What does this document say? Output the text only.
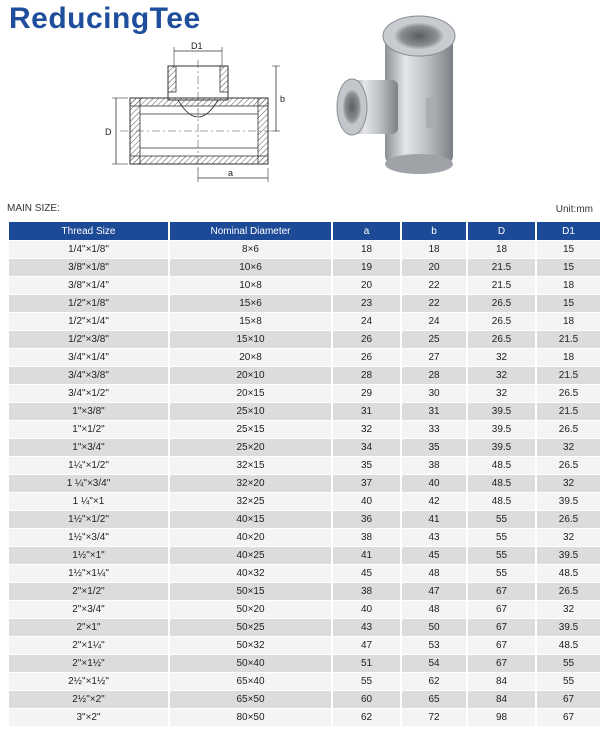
ReducingTee
D1
b
D
a
MAIN SIZE:	Unit:mm
Thread Size	Nominal Diameter	a	b	D	D1
1/4"×1/8"	8×6	18	18	18	15
3/8"×1/8"	10×6	19	20	21.5	15
3/8"×1/4"	10×8	20	22	21.5	18
1/2"×1/8"	15×6	23	22	26.5	15
1/2"×1/4"	15×8	24	24	26.5	18
1/2"×3/8"	15×10	26	25	26.5	21.5
3/4"×1/4"	20×8	26	27	32	18
3/4"×3/8"	20×10	28	28	32	21.5
3/4"×1/2"	20×15	29	30	32	26.5
1"×3/8"	25×10	31	31	39.5	21.5
1"×1/2"	25×15	32	33	39.5	26.5
1"×3/4"	25×20	34	35	39.5	32
1¼"×1/2"	32×15	35	38	48.5	26.5
1 ¼"×3/4"	32×20	37	40	48.5	32
1 ¼"×1	32×25	40	42	48.5	39.5
1½"×1/2"	40×15	36	41	55	26.5
1½"×3/4"	40×20	38	43	55	32
1½"×1"	40×25	41	45	55	39.5
1½"×1¼"	40×32	45	48	55	48.5
2"×1/2"	50×15	38	47	67	26.5
2"×3/4"	50×20	40	48	67	32
2"×1"	50×25	43	50	67	39.5
2"×1¼"	50×32	47	53	67	48.5
2"×1½"	50×40	51	54	67	55
2½"×1½"	65×40	55	62	84	55
2½"×2"	65×50	60	65	84	67
3"×2"	80×50	62	72	98	67
